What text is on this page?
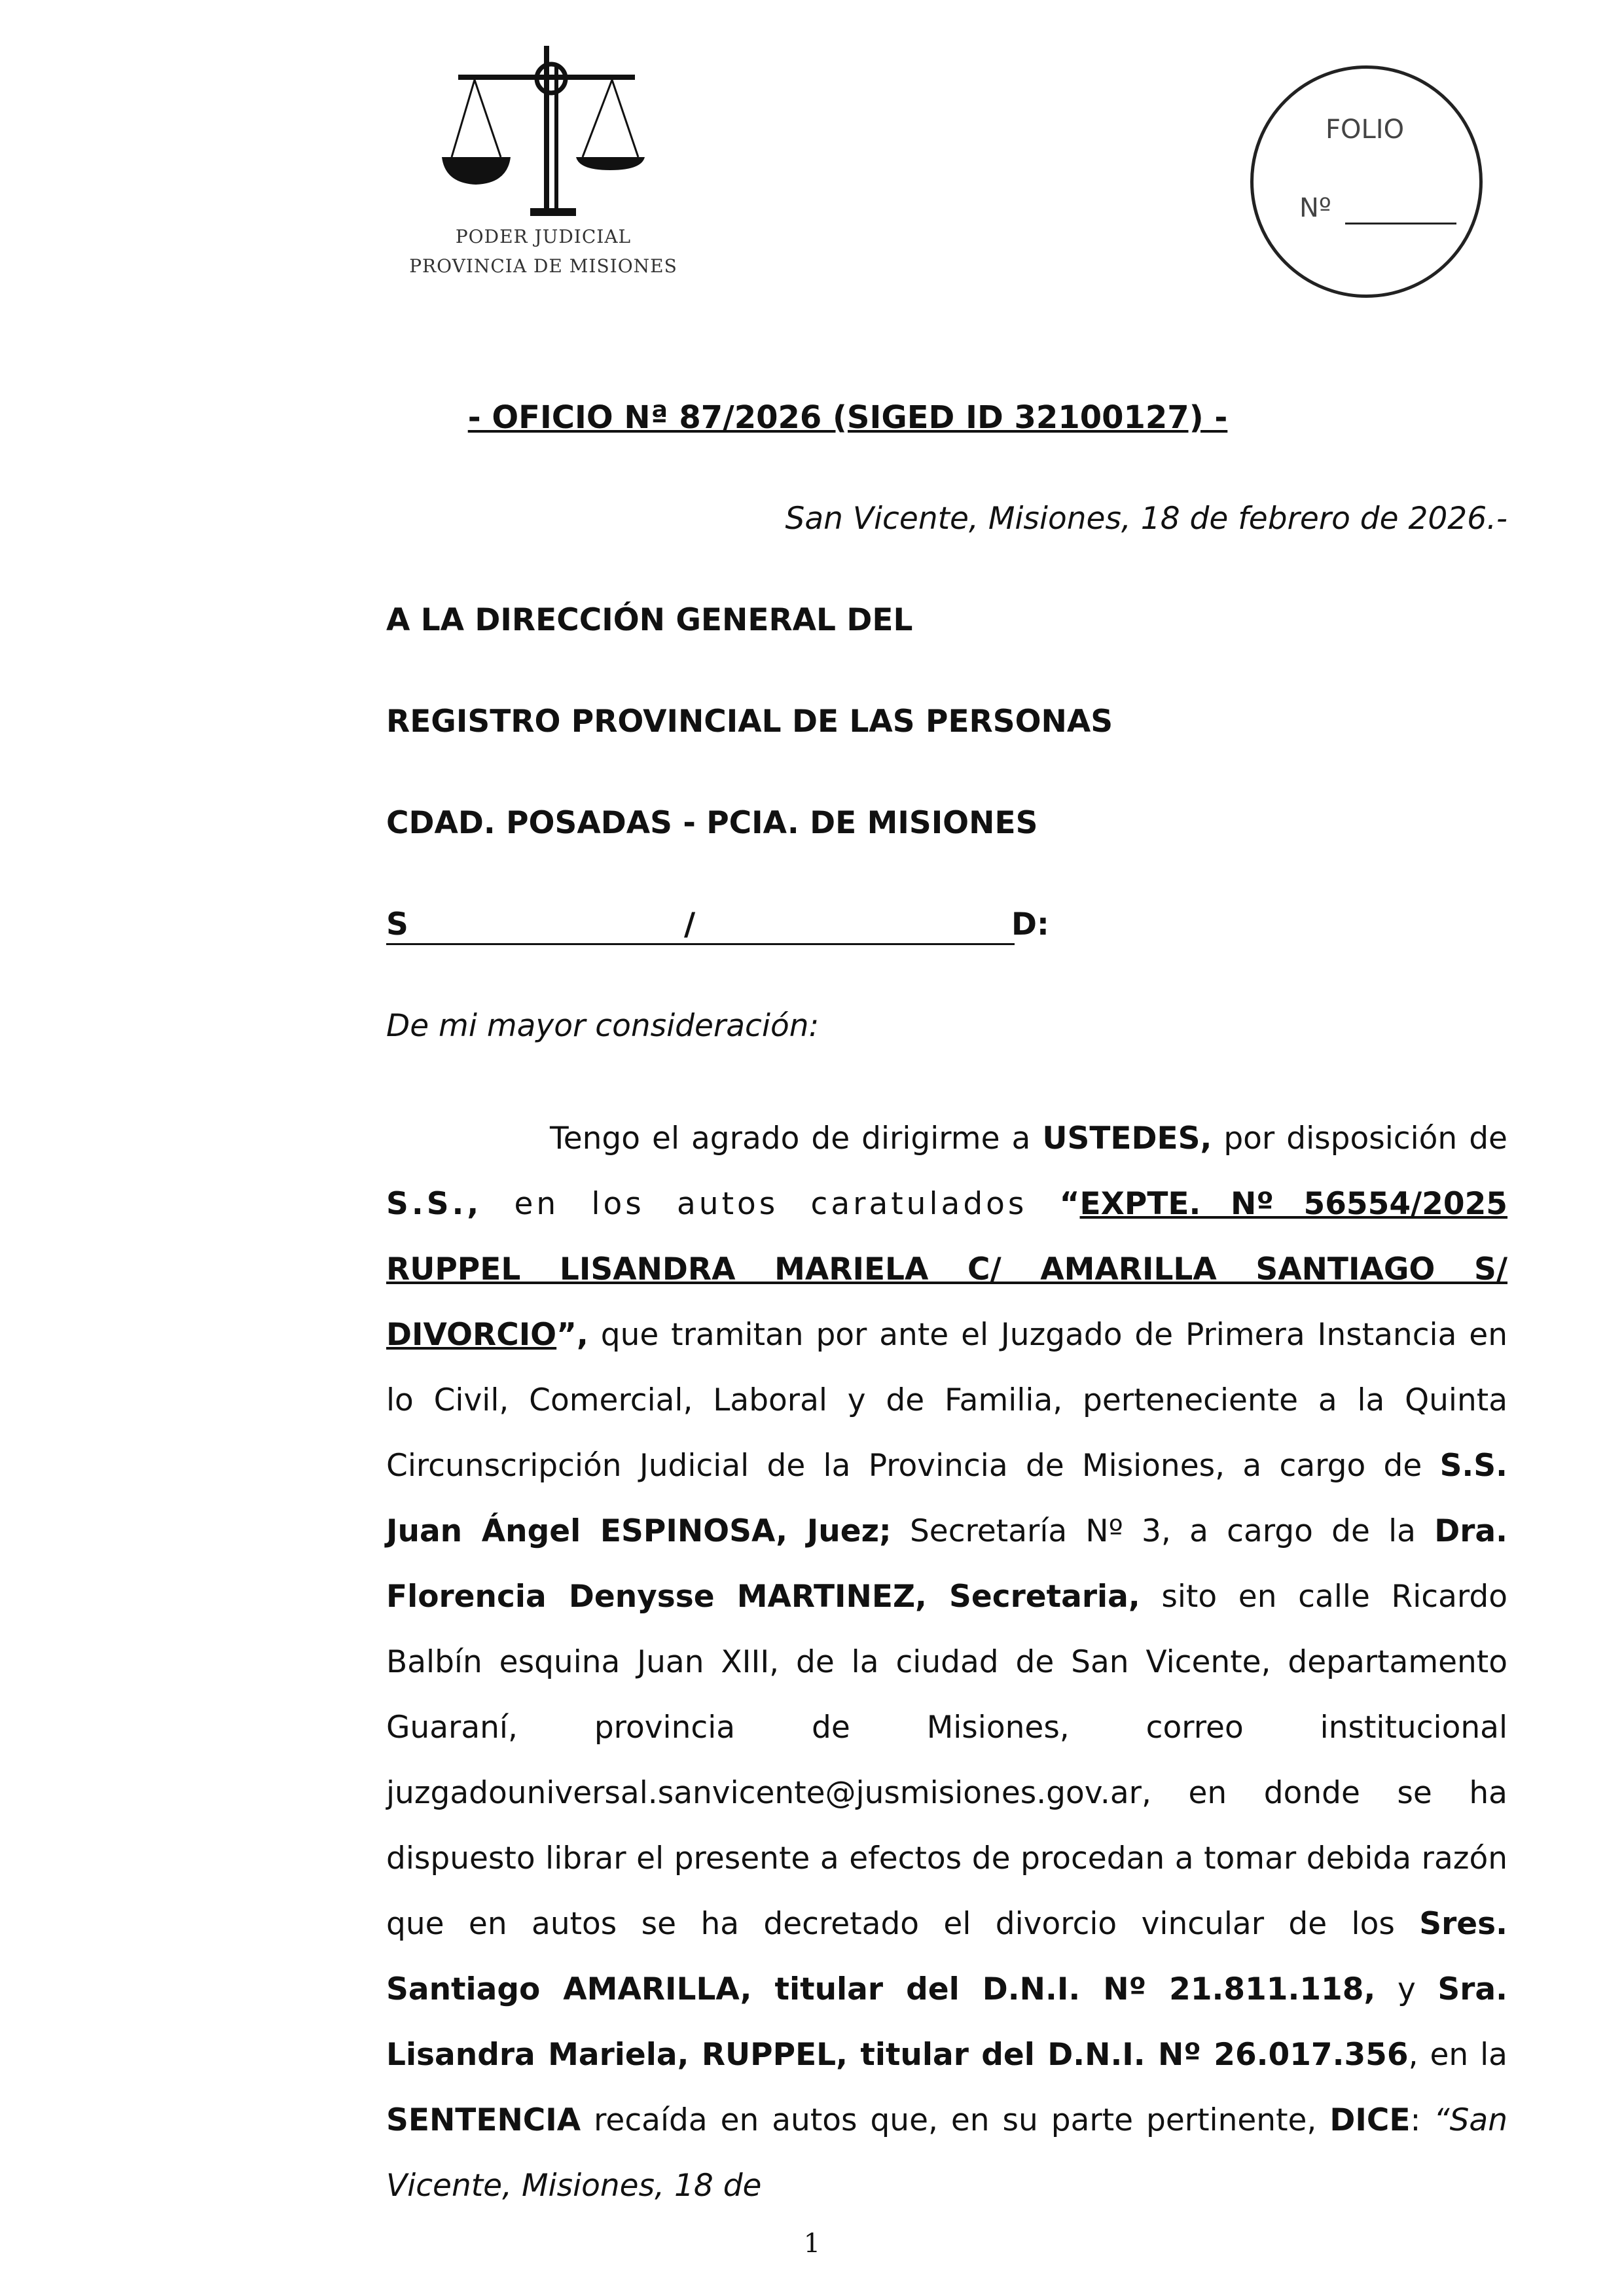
PODER JUDICIAL
PROVINCIA DE MISIONES
FOLIO
Nº
- OFICIO Nª 87/2026 (SIGED ID 32100127) -
San Vicente, Misiones, 18 de febrero de 2026.-
A LA DIRECCIÓN GENERAL DEL
REGISTRO PROVINCIAL DE LAS PERSONAS
CDAD. POSADAS - PCIA. DE MISIONES
S	/	D:
De mi mayor consideración:
Tengo el agrado de dirigirme a USTEDES, por disposición de S.S., en los autos caratulados “EXPTE. Nº 56554/2025 RUPPEL LISANDRA MARIELA C/ AMARILLA SANTIAGO S/ DIVORCIO”, que tramitan por ante el Juzgado de Primera Instancia en lo Civil, Comercial, Laboral y de Familia, perteneciente a la Quinta Circunscripción Judicial de la Provincia de Misiones, a cargo de S.S. Juan Ángel ESPINOSA, Juez; Secretaría Nº 3, a cargo de la Dra. Florencia Denysse MARTINEZ, Secretaria, sito en calle Ricardo Balbín esquina Juan XIII, de la ciudad de San Vicente, departamento Guaraní, provincia de Misiones, correo institucional juzgadouniversal.sanvicente@jusmisiones.gov.ar, en donde se ha dispuesto librar el presente a efectos de procedan a tomar debida razón que en autos se ha decretado el divorcio vincular de los Sres. Santiago AMARILLA, titular del D.N.I. Nº 21.811.118, y Sra. Lisandra Mariela, RUPPEL, titular del D.N.I. Nº 26.017.356, en la SENTENCIA recaída en autos que, en su parte pertinente, DICE: “San Vicente, Misiones, 18 de
1
